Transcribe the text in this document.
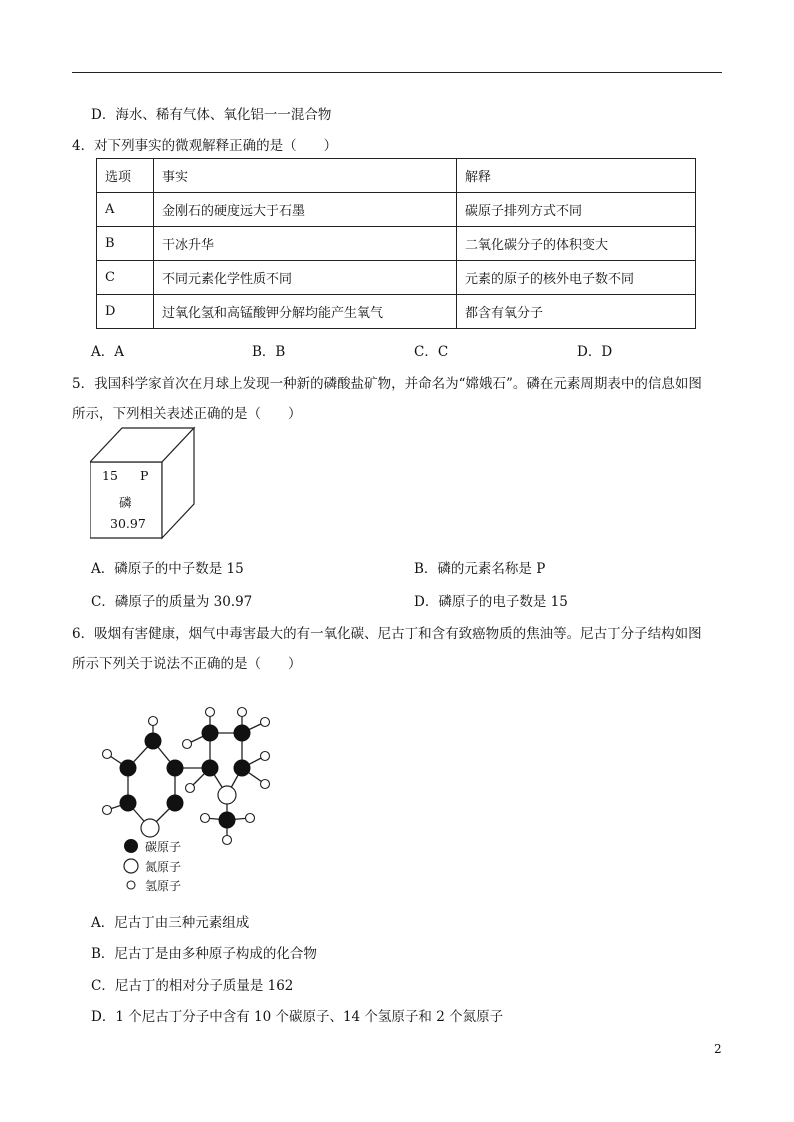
D．海水、稀有气体、氧化铝一一混合物
4．对下列事实的微观解释正确的是（　　）
选项	事实	解释
A	金刚石的硬度远大于石墨	碳原子排列方式不同
B	干冰升华	二氧化碳分子的体积变大
C	不同元素化学性质不同	元素的原子的核外电子数不同
D	过氧化氢和高锰酸钾分解均能产生氧气	都含有氧分子
A．A	B．B	C．C	D．D
5．我国科学家首次在月球上发现一种新的磷酸盐矿物，并命名为“嫦娥石”。磷在元素周期表中的信息如图
所示，下列相关表述正确的是（　　）
15 P
磷
30.97
A．磷原子的中子数是 15	B．磷的元素名称是 P
C．磷原子的质量为 30.97	D．磷原子的电子数是 15
6．吸烟有害健康，烟气中毒害最大的有一氧化碳、尼古丁和含有致癌物质的焦油等。尼古丁分子结构如图
所示下列关于说法不正确的是（　　）
碳原子
氮原子
氢原子
A．尼古丁由三种元素组成
B．尼古丁是由多种原子构成的化合物
C．尼古丁的相对分子质量是 162
D．1 个尼古丁分子中含有 10 个碳原子、14 个氢原子和 2 个氮原子
2
